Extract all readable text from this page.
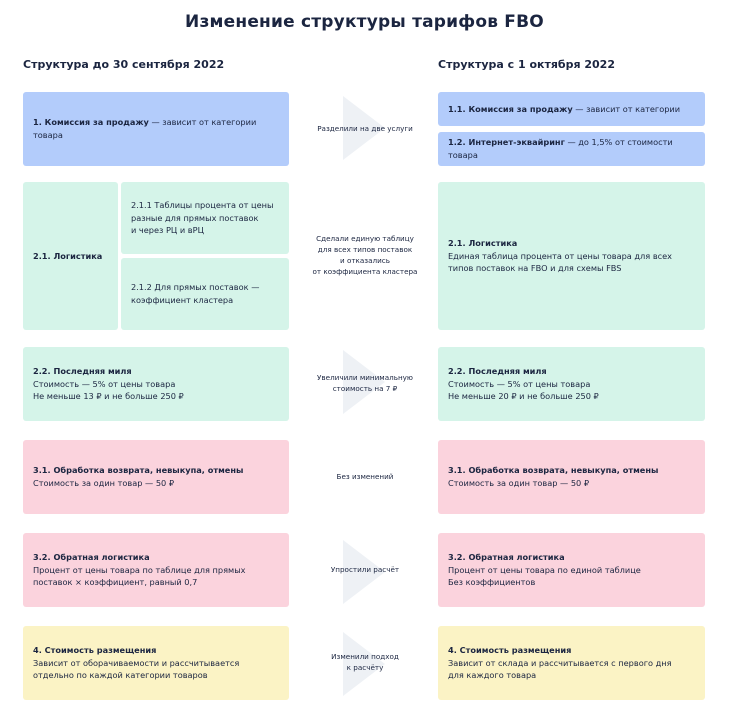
Изменение структуры тарифов FBO
Структура до 30 сентября 2022	Структура с 1 октября 2022
1. Комиссия за продажу — зависит от категории товара
Разделили на две услуги
1.1. Комиссия за продажу — зависит от категории
1.2. Интернет-эквайринг — до 1,5% от стоимости товара
2.1. Логистика
2.1.1 Таблицы процента от цены
разные для прямых поставок
и через РЦ и вРЦ
2.1.2 Для прямых поставок —
коэффициент кластера
Сделали единую таблицу
для всех типов поставок
и отказались
от коэффициента кластера
2.1. Логистика
Единая таблица процента от цены товара для всех
типов поставок на FBO и для схемы FBS
2.2. Последняя миля
Стоимость — 5% от цены товара
Не меньше 13 ₽ и не больше 250 ₽
Увеличили минимальную
стоимость на 7 ₽
2.2. Последняя миля
Стоимость — 5% от цены товара
Не меньше 20 ₽ и не больше 250 ₽
3.1. Обработка возврата, невыкупа, отмены
Стоимость за один товар — 50 ₽
Без изменений
3.1. Обработка возврата, невыкупа, отмены
Стоимость за один товар — 50 ₽
3.2. Обратная логистика
Процент от цены товара по таблице для прямых
поставок × коэффициент, равный 0,7
Упростили расчёт
3.2. Обратная логистика
Процент от цены товара по единой таблице
Без коэффициентов
4. Стоимость размещения
Зависит от оборачиваемости и рассчитывается
отдельно по каждой категории товаров
Изменили подход
к расчёту
4. Стоимость размещения
Зависит от склада и рассчитывается с первого дня
для каждого товара
